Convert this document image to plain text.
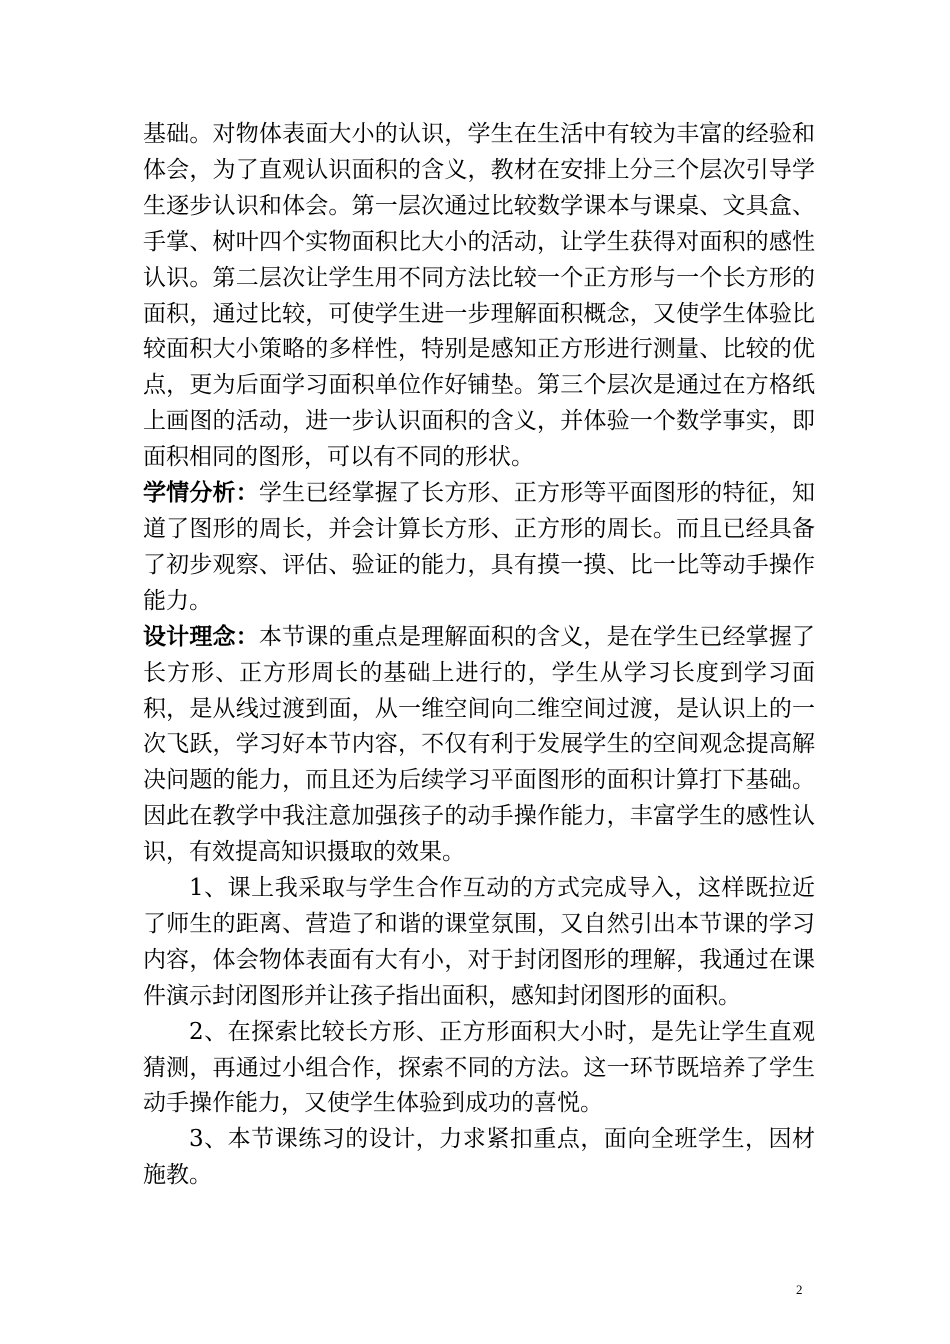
基础。对物体表面大小的认识，学生在生活中有较为丰富的经验和体会，为了直观认识面积的含义，教材在安排上分三个层次引导学生逐步认识和体会。第一层次通过比较数学课本与课桌、文具盒、手掌、树叶四个实物面积比大小的活动，让学生获得对面积的感性认识。第二层次让学生用不同方法比较一个正方形与一个长方形的面积，通过比较，可使学生进一步理解面积概念，又使学生体验比较面积大小策略的多样性，特别是感知正方形进行测量、比较的优点，更为后面学习面积单位作好铺垫。第三个层次是通过在方格纸上画图的活动，进一步认识面积的含义，并体验一个数学事实，即面积相同的图形，可以有不同的形状。

学情分析：学生已经掌握了长方形、正方形等平面图形的特征，知道了图形的周长，并会计算长方形、正方形的周长。而且已经具备了初步观察、评估、验证的能力，具有摸一摸、比一比等动手操作能力。

设计理念：本节课的重点是理解面积的含义，是在学生已经掌握了长方形、正方形周长的基础上进行的，学生从学习长度到学习面积，是从线过渡到面，从一维空间向二维空间过渡，是认识上的一次飞跃，学习好本节内容，不仅有利于发展学生的空间观念提高解决问题的能力，而且还为后续学习平面图形的面积计算打下基础。因此在教学中我注意加强孩子的动手操作能力，丰富学生的感性认识，有效提高知识摄取的效果。

1、课上我采取与学生合作互动的方式完成导入，这样既拉近了师生的距离、营造了和谐的课堂氛围，又自然引出本节课的学习内容，体会物体表面有大有小，对于封闭图形的理解，我通过在课件演示封闭图形并让孩子指出面积，感知封闭图形的面积。

2、在探索比较长方形、正方形面积大小时，是先让学生直观猜测，再通过小组合作，探索不同的方法。这一环节既培养了学生动手操作能力，又使学生体验到成功的喜悦。

3、本节课练习的设计，力求紧扣重点，面向全班学生，因材施教。

2
